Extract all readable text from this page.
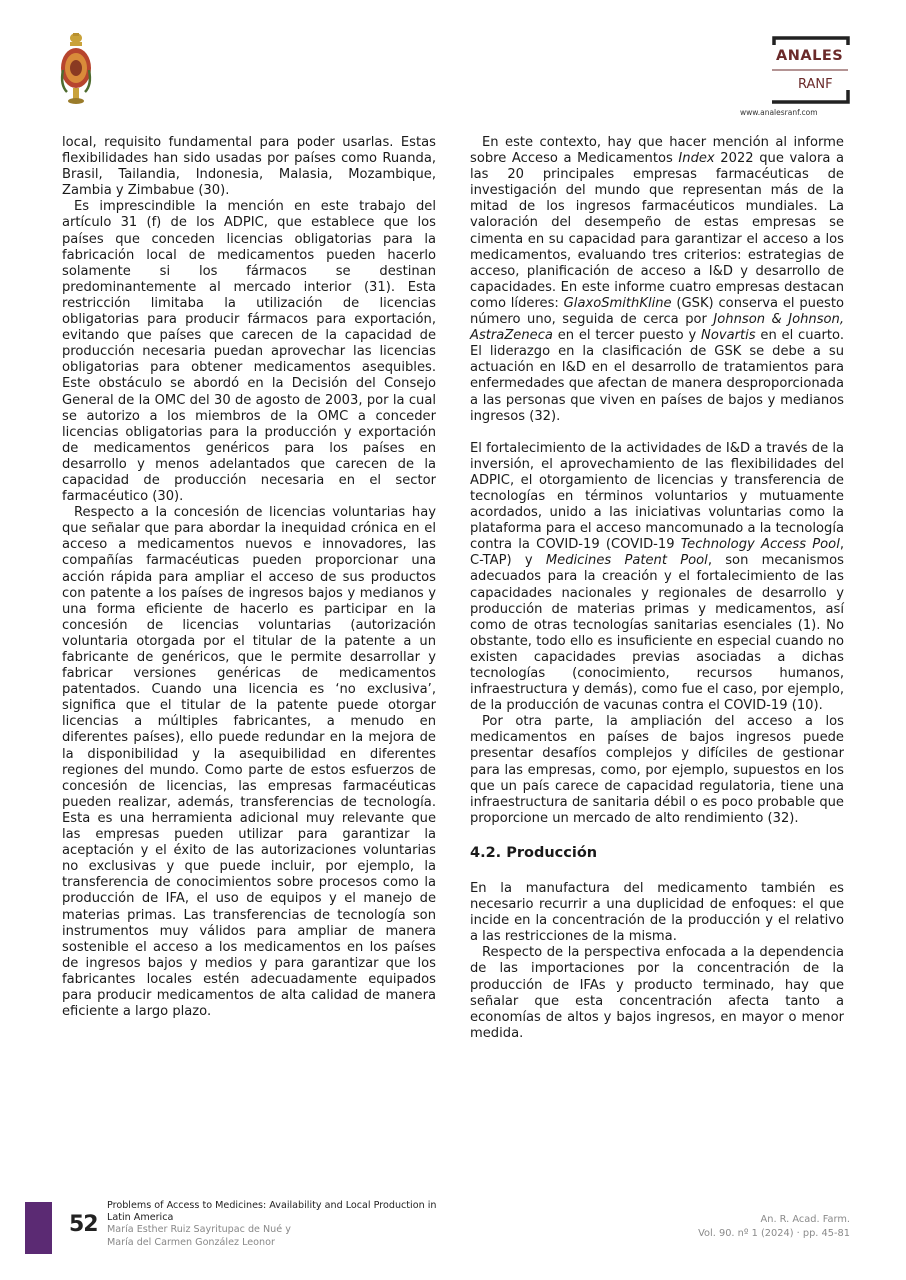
ANALES
RANF
www.analesranf.com

local, requisito fundamental para poder usarlas. Estas flexibilidades han sido usadas por países como Ruanda, Brasil, Tailandia, Indonesia, Malasia, Mozambique, Zambia y Zimbabue (30).

Es imprescindible la mención en este trabajo del artículo 31 (f) de los ADPIC, que establece que los países que conceden licencias obligatorias para la fabricación local de medicamentos pueden hacerlo solamente si los fármacos se destinan predominantemente al mercado interior (31). Esta restricción limitaba la utilización de licencias obligatorias para producir fármacos para exportación, evitando que países que carecen de la capacidad de producción necesaria puedan aprovechar las licencias obligatorias para obtener medicamentos asequibles. Este obstáculo se abordó en la Decisión del Consejo General de la OMC del 30 de agosto de 2003, por la cual se autorizo a los miembros de la OMC a conceder licencias obligatorias para la producción y exportación de medicamentos genéricos para los países en desarrollo y menos adelantados que carecen de la capacidad de producción necesaria en el sector farmacéutico (30).

Respecto a la concesión de licencias voluntarias hay que señalar que para abordar la inequidad crónica en el acceso a medicamentos nuevos e innovadores, las compañías farmacéuticas pueden proporcionar una acción rápida para ampliar el acceso de sus productos con patente a los países de ingresos bajos y medianos y una forma eficiente de hacerlo es participar en la concesión de licencias voluntarias (autorización voluntaria otorgada por el titular de la patente a un fabricante de genéricos, que le permite desarrollar y fabricar versiones genéricas de medicamentos patentados. Cuando una licencia es ‘no exclusiva’, significa que el titular de la patente puede otorgar licencias a múltiples fabricantes, a menudo en diferentes países), ello puede redundar en la mejora de la disponibilidad y la asequibilidad en diferentes regiones del mundo. Como parte de estos esfuerzos de concesión de licencias, las empresas farmacéuticas pueden realizar, además, transferencias de tecnología. Esta es una herramienta adicional muy relevante que las empresas pueden utilizar para garantizar la aceptación y el éxito de las autorizaciones voluntarias no exclusivas y que puede incluir, por ejemplo, la transferencia de conocimientos sobre procesos como la producción de IFA, el uso de equipos y el manejo de materias primas. Las transferencias de tecnología son instrumentos muy válidos para ampliar de manera sostenible el acceso a los medicamentos en los países de ingresos bajos y medios y para garantizar que los fabricantes locales estén adecuadamente equipados para producir medicamentos de alta calidad de manera eficiente a largo plazo.

En este contexto, hay que hacer mención al informe sobre Acceso a Medicamentos Index 2022 que valora a las 20 principales empresas farmacéuticas de investigación del mundo que representan más de la mitad de los ingresos farmacéuticos mundiales. La valoración del desempeño de estas empresas se cimenta en su capacidad para garantizar el acceso a los medicamentos, evaluando tres criterios: estrategias de acceso, planificación de acceso a I&D y desarrollo de capacidades. En este informe cuatro empresas destacan como líderes: GlaxoSmithKline (GSK) conserva el puesto número uno, seguida de cerca por Johnson & Johnson, AstraZeneca en el tercer puesto y Novartis en el cuarto. El liderazgo en la clasificación de GSK se debe a su actuación en I&D en el desarrollo de tratamientos para enfermedades que afectan de manera desproporcionada a las personas que viven en países de bajos y medianos ingresos (32).

El fortalecimiento de la actividades de I&D a través de la inversión, el aprovechamiento de las flexibilidades del ADPIC, el otorgamiento de licencias y transferencia de tecnologías en términos voluntarios y mutuamente acordados, unido a las iniciativas voluntarias como la plataforma para el acceso mancomunado a la tecnología contra la COVID-19 (COVID-19 Technology Access Pool, C-TAP) y Medicines Patent Pool, son mecanismos adecuados para la creación y el fortalecimiento de las capacidades nacionales y regionales de desarrollo y producción de materias primas y medicamentos, así como de otras tecnologías sanitarias esenciales (1). No obstante, todo ello es insuficiente en especial cuando no existen capacidades previas asociadas a dichas tecnologías (conocimiento, recursos humanos, infraestructura y demás), como fue el caso, por ejemplo, de la producción de vacunas contra el COVID-19 (10).

Por otra parte, la ampliación del acceso a los medicamentos en países de bajos ingresos puede presentar desafíos complejos y difíciles de gestionar para las empresas, como, por ejemplo, supuestos en los que un país carece de capacidad regulatoria, tiene una infraestructura de sanitaria débil o es poco probable que proporcione un mercado de alto rendimiento (32).

4.2. Producción

En la manufactura del medicamento también es necesario recurrir a una duplicidad de enfoques: el que incide en la concentración de la producción y el relativo a las restricciones de la misma.

Respecto de la perspectiva enfocada a la dependencia de las importaciones por la concentración de la producción de IFAs y producto terminado, hay que señalar que esta concentración afecta tanto a economías de altos y bajos ingresos, en mayor o menor medida.

52
Problems of Access to Medicines: Availability and Local Production in Latin America
María Esther Ruiz Sayritupac de Nué y
María del Carmen González Leonor
An. R. Acad. Farm.
Vol. 90. nº 1 (2024) · pp. 45-81
